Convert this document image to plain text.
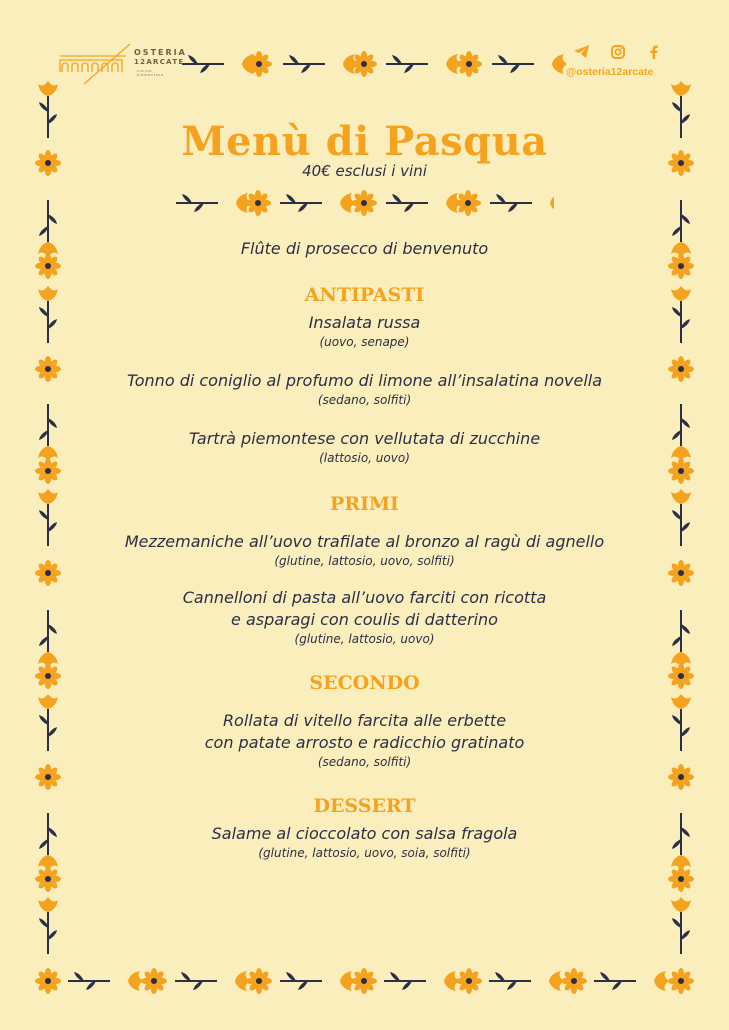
OSTERIA
12ARCATE
cucina piemontese	@osteria12arcate
Menù di Pasqua
40€ esclusi i vini

Flûte di prosecco di benvenuto

ANTIPASTI

Insalata russa

(uovo, senape)

Tonno di coniglio al profumo di limone all’insalatina novella

(sedano, solfiti)

Tartrà piemontese con vellutata di zucchine

(lattosio, uovo)

PRIMI

Mezzemaniche all’uovo trafilate al bronzo al ragù di agnello

(glutine, lattosio, uovo, solfiti)

Cannelloni di pasta all’uovo farciti con ricotta

e asparagi con coulis di datterino

(glutine, lattosio, uovo)

SECONDO

Rollata di vitello farcita alle erbette

con patate arrosto e radicchio gratinato

(sedano, solfiti)

DESSERT

Salame al cioccolato con salsa fragola

(glutine, lattosio, uovo, soia, solfiti)
